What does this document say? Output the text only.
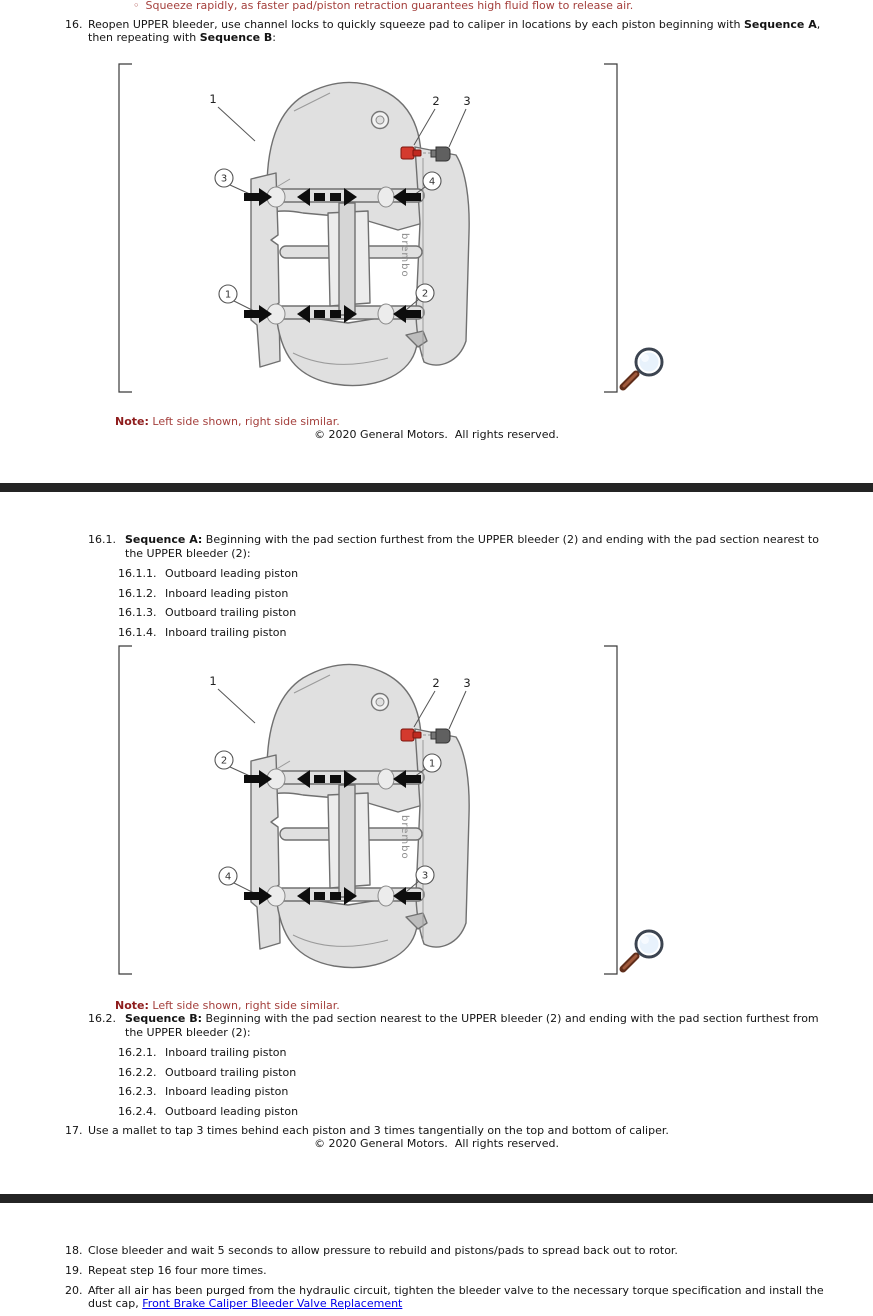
◦ Squeeze rapidly, as faster pad/piston retraction guarantees high fluid flow to release air.
16. Reopen UPPER bleeder, use channel locks to quickly squeeze pad to caliper in locations by each piston beginning with Sequence A, then repeating with Sequence B:
brembo
1	2 3
3	4
1	2
Note: Left side shown, right side similar.
© 2020 General Motors.  All rights reserved.
16.1. Sequence A: Beginning with the pad section furthest from the UPPER bleeder (2) and ending with the pad section nearest to the UPPER bleeder (2):
16.1.1. Outboard leading piston
16.1.2. Inboard leading piston
16.1.3. Outboard trailing piston
16.1.4. Inboard trailing piston
brembo
1	2 3
2	1
4	3
Note: Left side shown, right side similar.
16.2. Sequence B: Beginning with the pad section nearest to the UPPER bleeder (2) and ending with the pad section furthest from the UPPER bleeder (2):
16.2.1. Inboard trailing piston
16.2.2. Outboard trailing piston
16.2.3. Inboard leading piston
16.2.4. Outboard leading piston
17. Use a mallet to tap 3 times behind each piston and 3 times tangentially on the top and bottom of caliper.
© 2020 General Motors.  All rights reserved.
18. Close bleeder and wait 5 seconds to allow pressure to rebuild and pistons/pads to spread back out to rotor.
19. Repeat step 16 four more times.
20. After all air has been purged from the hydraulic circuit, tighten the bleeder valve to the necessary torque specification and install the dust cap, Front Brake Caliper Bleeder Valve Replacement
